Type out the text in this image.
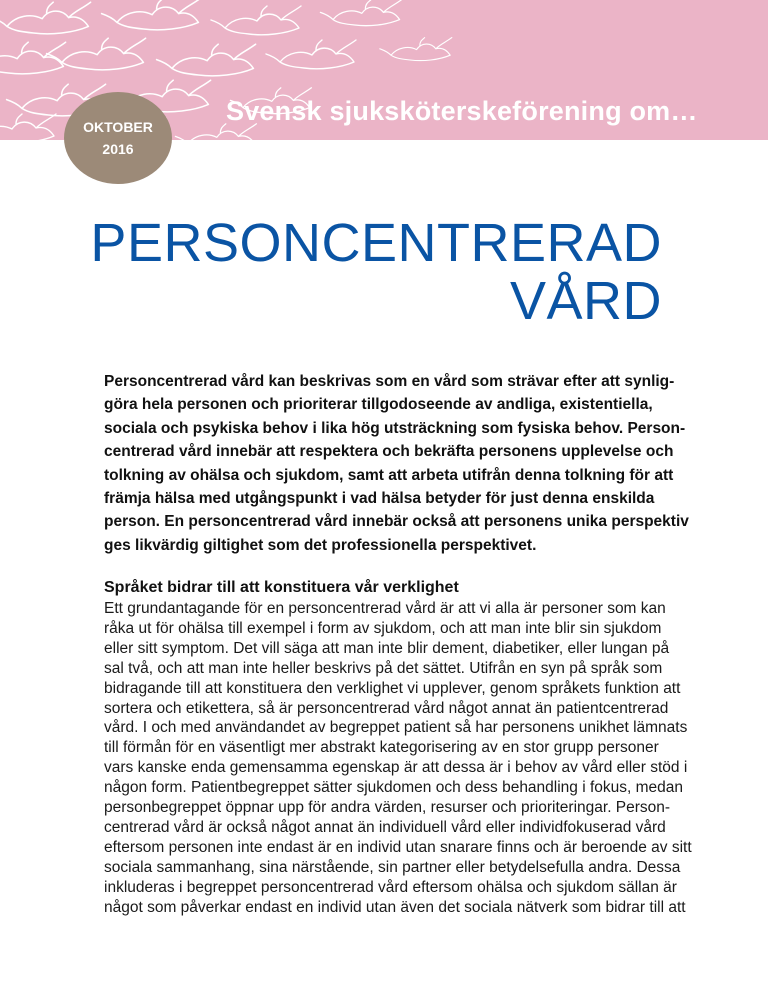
Svensk sjuksköterskeförening om…
OKTOBER
2016
PERSONCENTRERAD
VÅRD

Personcentrerad vård kan beskrivas som en vård som strävar efter att synlig-
göra hela personen och prioriterar tillgodoseende av andliga, existentiella,
sociala och psykiska behov i lika hög utsträckning som fysiska behov. Person-
centrerad vård innebär att respektera och bekräfta personens upplevelse och
tolkning av ohälsa och sjukdom, samt att arbeta utifrån denna tolkning för att
främja hälsa med utgångspunkt i vad hälsa betyder för just denna enskilda
person. En personcentrerad vård innebär också att personens unika perspektiv
ges likvärdig giltighet som det professionella perspektivet.

Språket bidrar till att konstituera vår verklighet

Ett grundantagande för en personcentrerad vård är att vi alla är personer som kan
råka ut för ohälsa till exempel i form av sjukdom, och att man inte blir sin sjukdom
eller sitt symptom. Det vill säga att man inte blir dement, diabetiker, eller lungan på
sal två, och att man inte heller beskrivs på det sättet. Utifrån en syn på språk som
bidragande till att konstituera den verklighet vi upplever, genom språkets funktion att
sortera och etikettera, så är personcentrerad vård något annat än patientcentrerad
vård. I och med användandet av begreppet patient så har personens unikhet lämnats
till förmån för en väsentligt mer abstrakt kategorisering av en stor grupp personer
vars kanske enda gemensamma egenskap är att dessa är i behov av vård eller stöd i
någon form. Patientbegreppet sätter sjukdomen och dess behandling i fokus, medan
personbegreppet öppnar upp för andra värden, resurser och prioriteringar. Person-
centrerad vård är också något annat än individuell vård eller individfokuserad vård
eftersom personen inte endast är en individ utan snarare finns och är beroende av sitt
sociala sammanhang, sina närstående, sin partner eller betydelsefulla andra. Dessa
inkluderas i begreppet personcentrerad vård eftersom ohälsa och sjukdom sällan är
något som påverkar endast en individ utan även det sociala nätverk som bidrar till att
